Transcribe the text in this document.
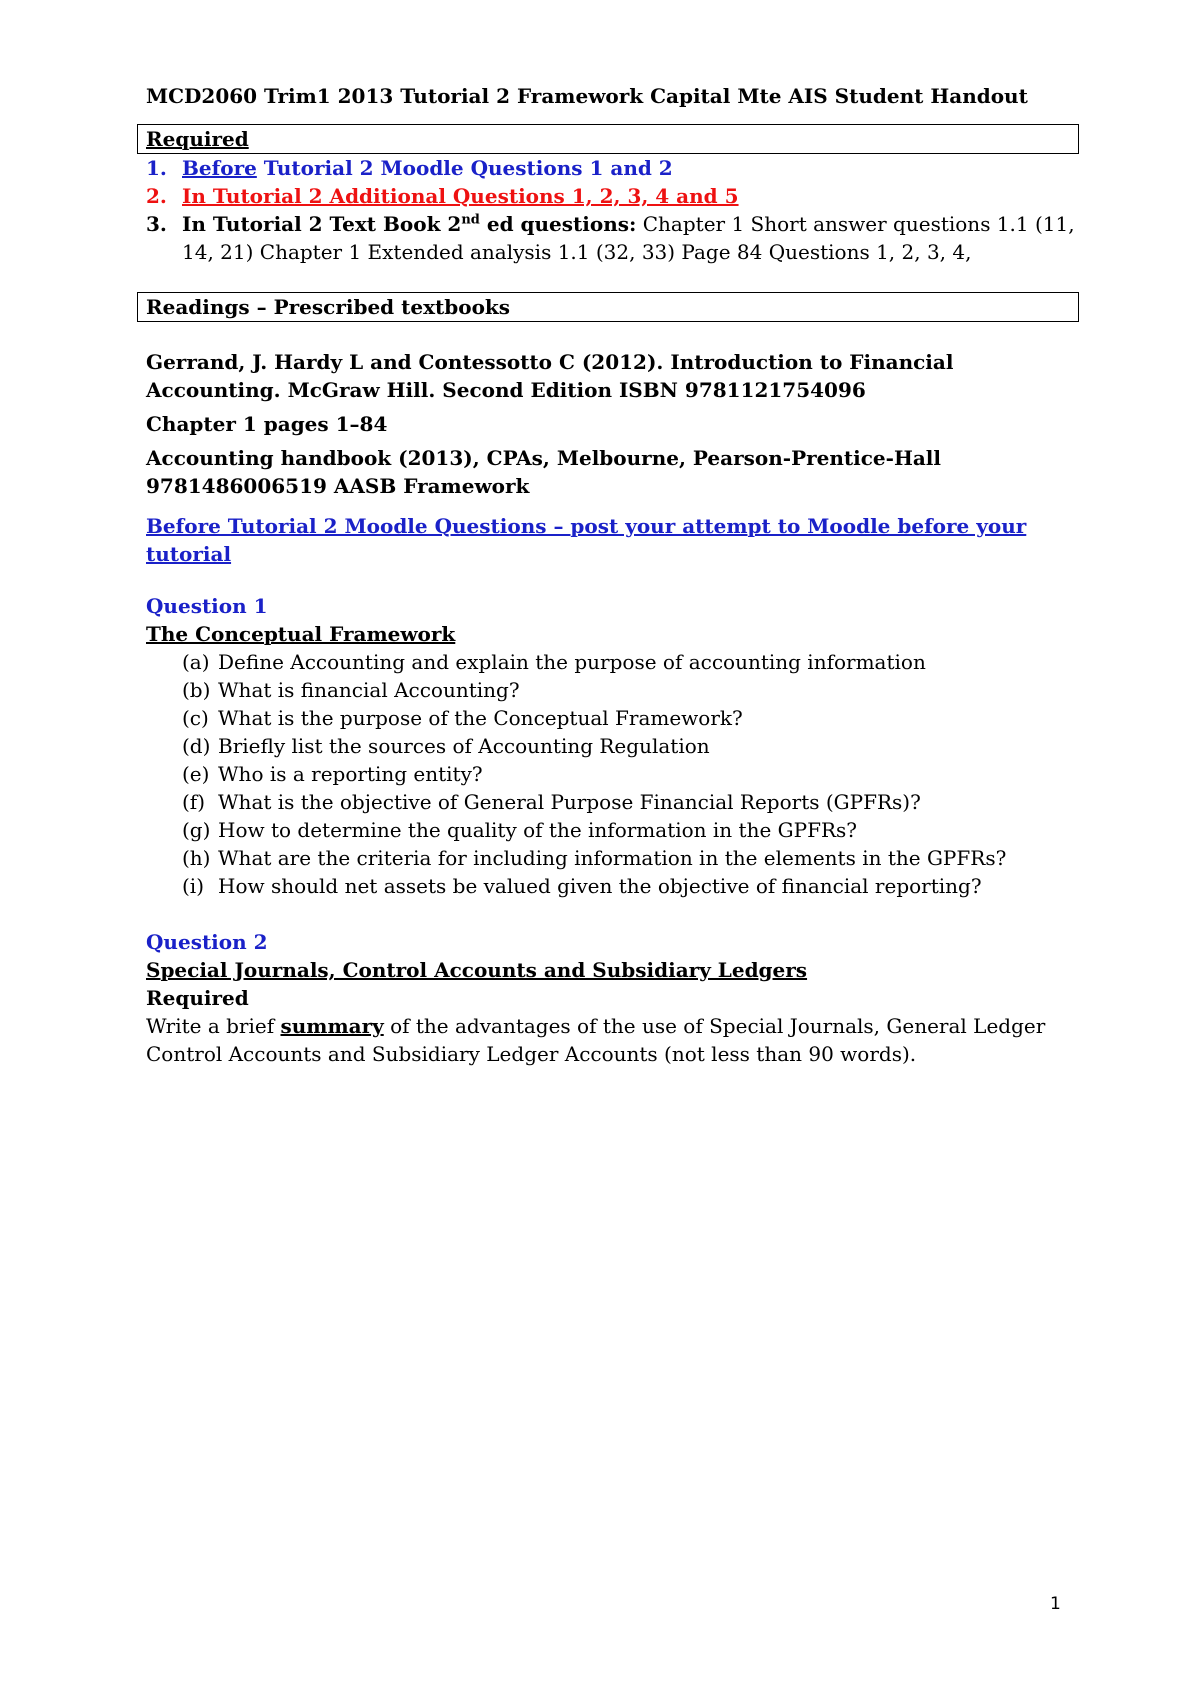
MCD2060 Trim1 2013 Tutorial 2 Framework Capital Mte AIS Student Handout
Required
1. Before Tutorial 2 Moodle Questions 1 and 2
2. In Tutorial 2 Additional Questions 1, 2, 3, 4 and 5
3. In Tutorial 2 Text Book 2nd ed questions: Chapter 1 Short answer questions 1.1 (11, 14, 21) Chapter 1 Extended analysis 1.1 (32, 33) Page 84 Questions 1, 2, 3, 4,
Readings – Prescribed textbooks
Gerrand, J. Hardy L and Contessotto C (2012). Introduction to Financial Accounting. McGraw Hill. Second Edition ISBN 9781121754096
Chapter 1 pages 1–84
Accounting handbook (2013), CPAs, Melbourne, Pearson-Prentice-Hall 9781486006519 AASB Framework
Before Tutorial 2 Moodle Questions – post your attempt to Moodle before your tutorial
Question 1
The Conceptual Framework
(a) Define Accounting and explain the purpose of accounting information
(b) What is financial Accounting?
(c) What is the purpose of the Conceptual Framework?
(d) Briefly list the sources of Accounting Regulation
(e) Who is a reporting entity?
(f) What is the objective of General Purpose Financial Reports (GPFRs)?
(g) How to determine the quality of the information in the GPFRs?
(h) What are the criteria for including information in the elements in the GPFRs?
(i) How should net assets be valued given the objective of financial reporting?
Question 2
Special Journals, Control Accounts and Subsidiary Ledgers
Required
Write a brief summary of the advantages of the use of Special Journals, General Ledger Control Accounts and Subsidiary Ledger Accounts (not less than 90 words).
1
